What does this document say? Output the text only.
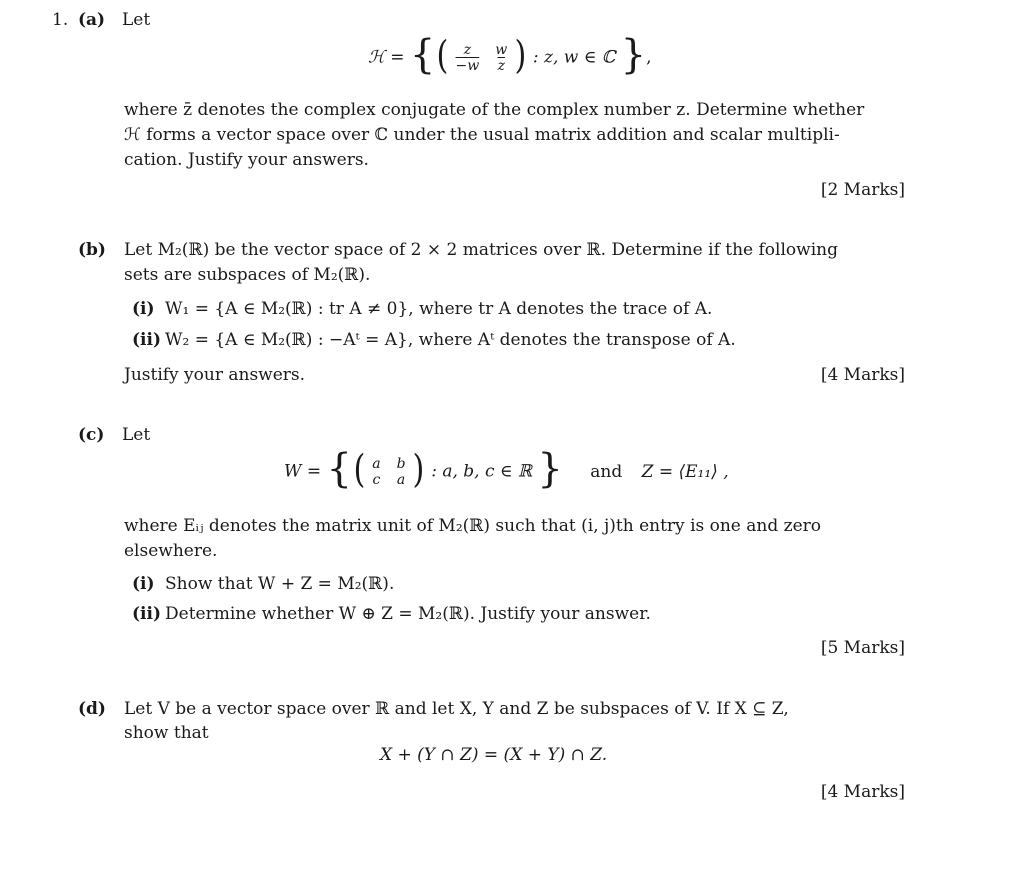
1. (a) Let
ℋ = {(	z	w
−w $\overline{z}$ ) : z, w ∈ ℂ },
where z̄ denotes the complex conjugate of the complex number z. Determine whether
ℋ forms a vector space over ℂ under the usual matrix addition and scalar multipli-
cation. Justify your answers.
[2 Marks]
(b) Let M₂(ℝ) be the vector space of 2 × 2 matrices over ℝ. Determine if the following
sets are subspaces of M₂(ℝ).
(i) W₁ = {A ∈ M₂(ℝ) : tr A ≠ 0}, where tr A denotes the trace of A.
(ii) W₂ = {A ∈ M₂(ℝ) : −Aᵗ = A}, where Aᵗ denotes the transpose of A.
Justify your answers.	[4 Marks]
(c) Let
W = {( a b
c a ) : a, b, c ∈ ℝ } and Z = ⟨E₁₁⟩ ,
where Eᵢⱼ denotes the matrix unit of M₂(ℝ) such that (i, j)th entry is one and zero
elsewhere.
(i) Show that W + Z = M₂(ℝ).
(ii) Determine whether W ⊕ Z = M₂(ℝ). Justify your answer.
[5 Marks]
(d) Let V be a vector space over ℝ and let X, Y and Z be subspaces of V. If X ⊆ Z,
show that
X + (Y ∩ Z) = (X + Y) ∩ Z.
[4 Marks]
